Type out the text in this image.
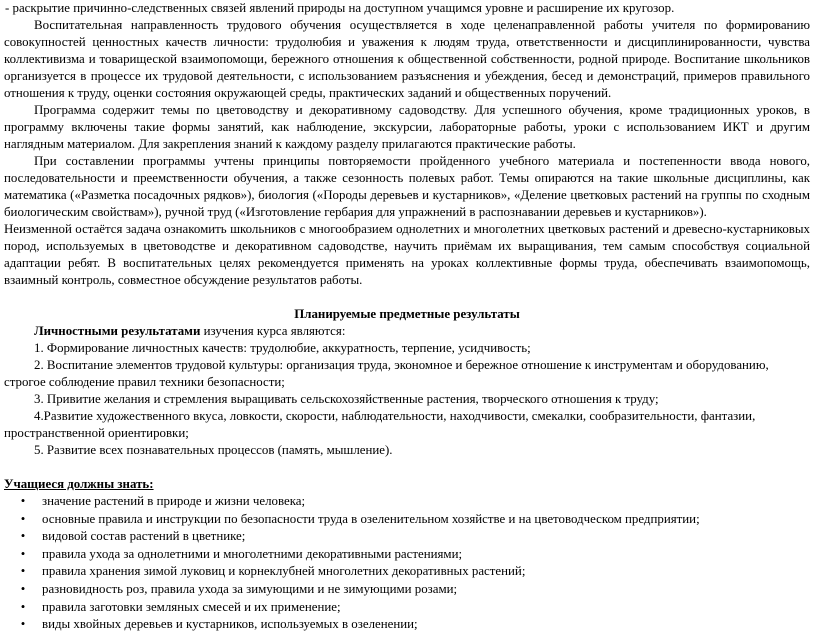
- раскрытие причинно-следственных связей явлений природы на доступном учащимся уровне и расширение их кругозор.

Воспитательная направленность трудового обучения осуществляется в ходе целенаправленной работы учителя по формированию совокупностей ценностных качеств личности: трудолюбия и уважения к людям труда, ответственности и дисциплинированности, чувства коллективизма и товарищеской взаимопомощи, бережного отношения к общественной собственности, родной природе. Воспитание школьников организуется в процессе их трудовой деятельности, с использованием разъяснения и убеждения, бесед и демонстраций, примеров правильного отношения к труду, оценки состояния окружающей среды, практических заданий и общественных поручений.

Программа содержит темы по цветоводству и декоративному садоводству. Для успешного обучения, кроме традиционных уроков, в программу включены такие формы занятий, как наблюдение, экскурсии, лабораторные работы, уроки с использованием ИКТ и другим наглядным материалом. Для закрепления знаний к каждому разделу прилагаются практические работы.

При составлении программы учтены принципы повторяемости пройденного учебного материала и постепенности ввода нового, последовательности и преемственности обучения, а также сезонность полевых работ. Темы опираются на такие школьные дисциплины, как математика («Разметка посадочных рядков»), биология («Породы деревьев и кустарников», «Деление цветковых растений на группы по сходным биологическим свойствам»), ручной труд («Изготовление гербария для упражнений в распознавании деревьев и кустарников»).

Неизменной остаётся задача ознакомить школьников с многообразием однолетних и многолетних цветковых растений и древесно-кустарниковых пород, используемых в цветоводстве и декоративном садоводстве, научить приёмам их выращивания, тем самым способствуя социальной адаптации ребят. В воспитательных целях рекомендуется применять на уроках коллективные формы труда, обеспечивать взаимопомощь, взаимный контроль, совместное обсуждение результатов работы.

Планируемые предметные результаты

Личностными результатами изучения курса являются:

1. Формирование личностных качеств: трудолюбие, аккуратность, терпение, усидчивость;

2. Воспитание элементов трудовой культуры: организация труда, экономное и бережное отношение к инструментам и оборудованию, строгое соблюдение правил техники безопасности;

3. Привитие желания и стремления выращивать сельскохозяйственные растения, творческого отношения к труду;

4.Развитие художественного вкуса, ловкости, скорости, наблюдательности, находчивости, смекалки, сообразительности, фантазии, пространственной ориентировки;

5. Развитие всех познавательных процессов (память, мышление).

Учащиеся должны знать:

• значение растений в природе и жизни человека;
• основные правила и инструкции по безопасности труда в озеленительном хозяйстве и на цветоводческом предприятии;
• видовой состав растений в цветнике;
• правила ухода за однолетними и многолетними декоративными растениями;
• правила хранения зимой луковиц и корнеклубней многолетних декоративных растений;
• разновидность роз, правила ухода за зимующими и не зимующими розами;
• правила заготовки земляных смесей и их применение;
• виды хвойных деревьев и кустарников, используемых в озеленении;
